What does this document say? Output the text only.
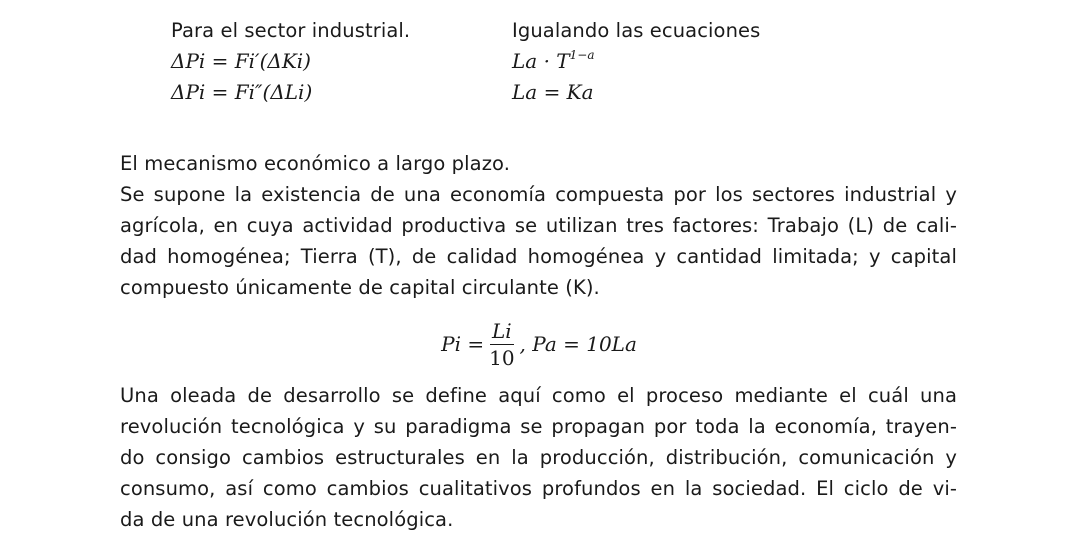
Para el sector industrial.
ΔPi = Fi′(ΔKi)
ΔPi = Fi″(ΔLi)
Igualando las ecuaciones
$La \cdot T^{1-a}$
La = Ka
El mecanismo económico a largo plazo.
Se supone la existencia de una economía compuesta por los sectores industrial y
agrícola, en cuya actividad productiva se utilizan tres factores: Trabajo (L) de cali-
dad homogénea; Tierra (T), de calidad homogénea y cantidad limitada; y capital
compuesto únicamente de capital circulante (K).
$Pi = \frac{Li}{10}$ , Pa = 10La
Una oleada de desarrollo se define aquí como el proceso mediante el cuál una
revolución tecnológica y su paradigma se propagan por toda la economía, trayen-
do consigo cambios estructurales en la producción, distribución, comunicación y
consumo, así como cambios cualitativos profundos en la sociedad. El ciclo de vi-
da de una revolución tecnológica.
